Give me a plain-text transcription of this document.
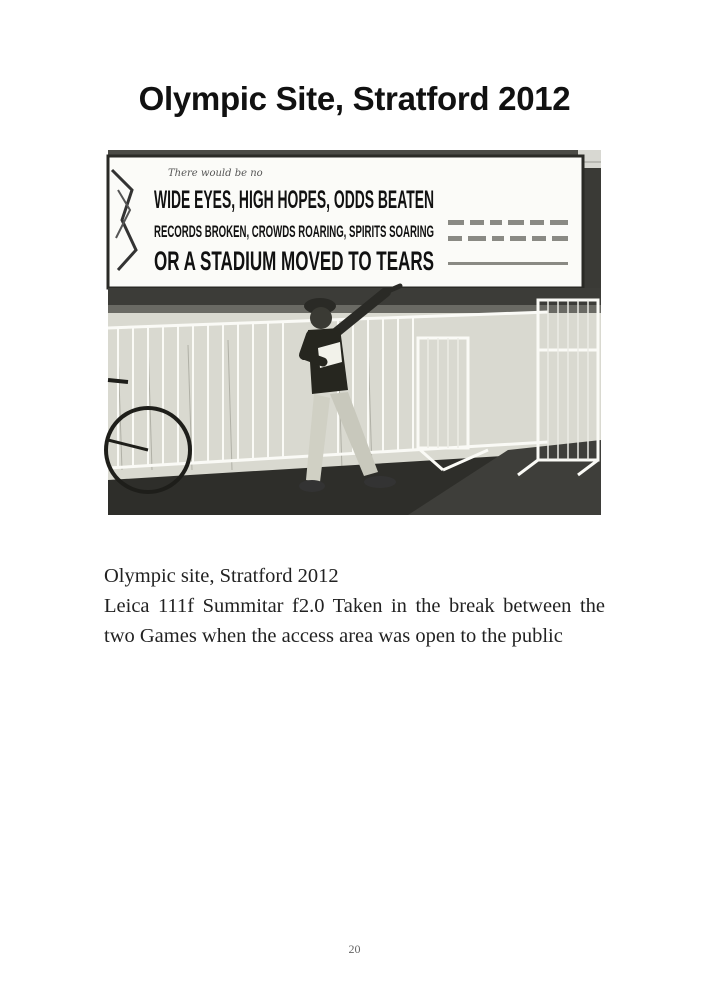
Olympic Site, Stratford 2012
There would be no
WIDE EYES, HIGH HOPES, ODDS BEATEN
RECORDS BROKEN, CROWDS ROARING, SPIRITS SOARING
OR A STADIUM MOVED TO TEARS

Olympic site, Stratford 2012

Leica 111f Summitar f2.0 Taken in the break between the two Games when the access area was open to the public

20
